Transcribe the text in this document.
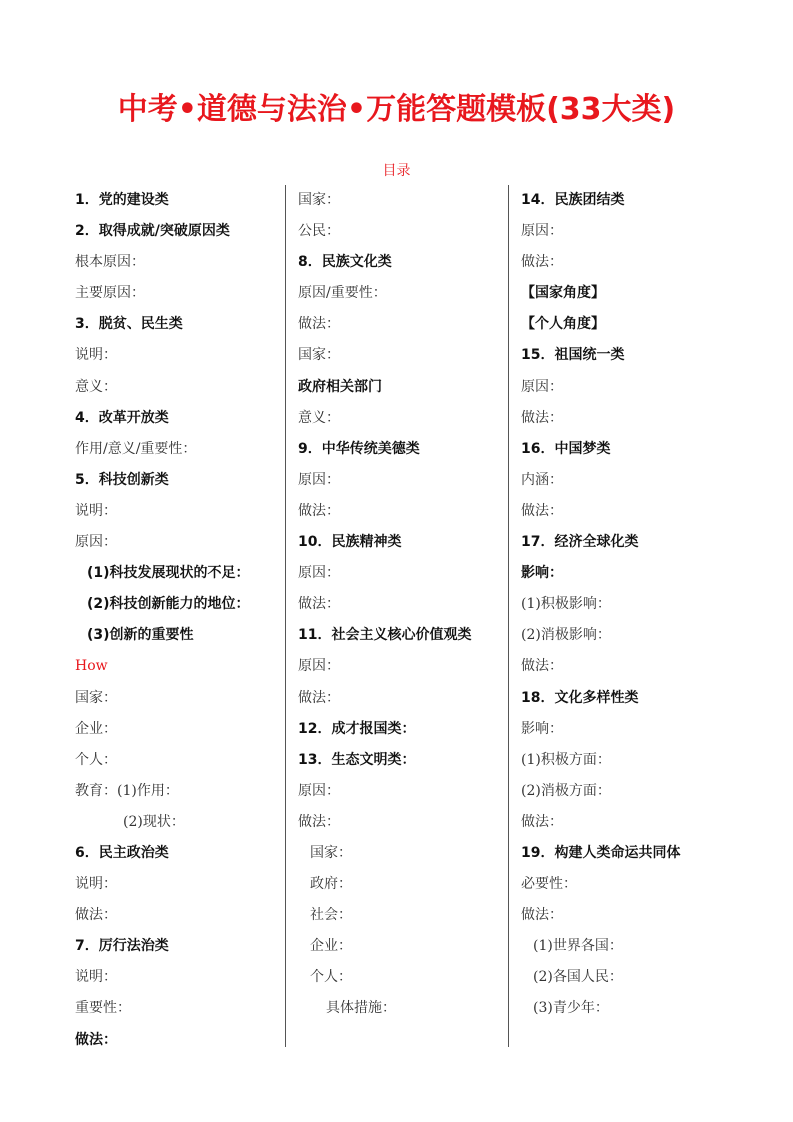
中考•道德与法治•万能答题模板(33大类)
目录
1．党的建设类
2．取得成就/突破原因类
根本原因：
主要原因：
3．脱贫、民生类
说明：
意义：
4．改革开放类
作用/意义/重要性：
5．科技创新类
说明：
原因：
(1)科技发展现状的不足：
(2)科技创新能力的地位：
(3)创新的重要性
How
国家：
企业：
个人：
教育：(1)作用：
(2)现状：
6．民主政治类
说明：
做法：
7．厉行法治类
说明：
重要性：
做法：
国家：
公民：
8．民族文化类
原因/重要性：
做法：
国家：
政府相关部门
意义：
9．中华传统美德类
原因：
做法：
10．民族精神类
原因：
做法：
11．社会主义核心价值观类
原因：
做法：
12．成才报国类：
13．生态文明类：
原因：
做法：
国家：
政府：
社会：
企业：
个人：
具体措施：
14．民族团结类
原因：
做法：
【国家角度】
【个人角度】
15．祖国统一类
原因：
做法：
16．中国梦类
内涵：
做法：
17．经济全球化类
影响：
(1)积极影响：
(2)消极影响：
做法：
18．文化多样性类
影响：
(1)积极方面：
(2)消极方面：
做法：
19．构建人类命运共同体
必要性：
做法：
(1)世界各国：
(2)各国人民：
(3)青少年：
